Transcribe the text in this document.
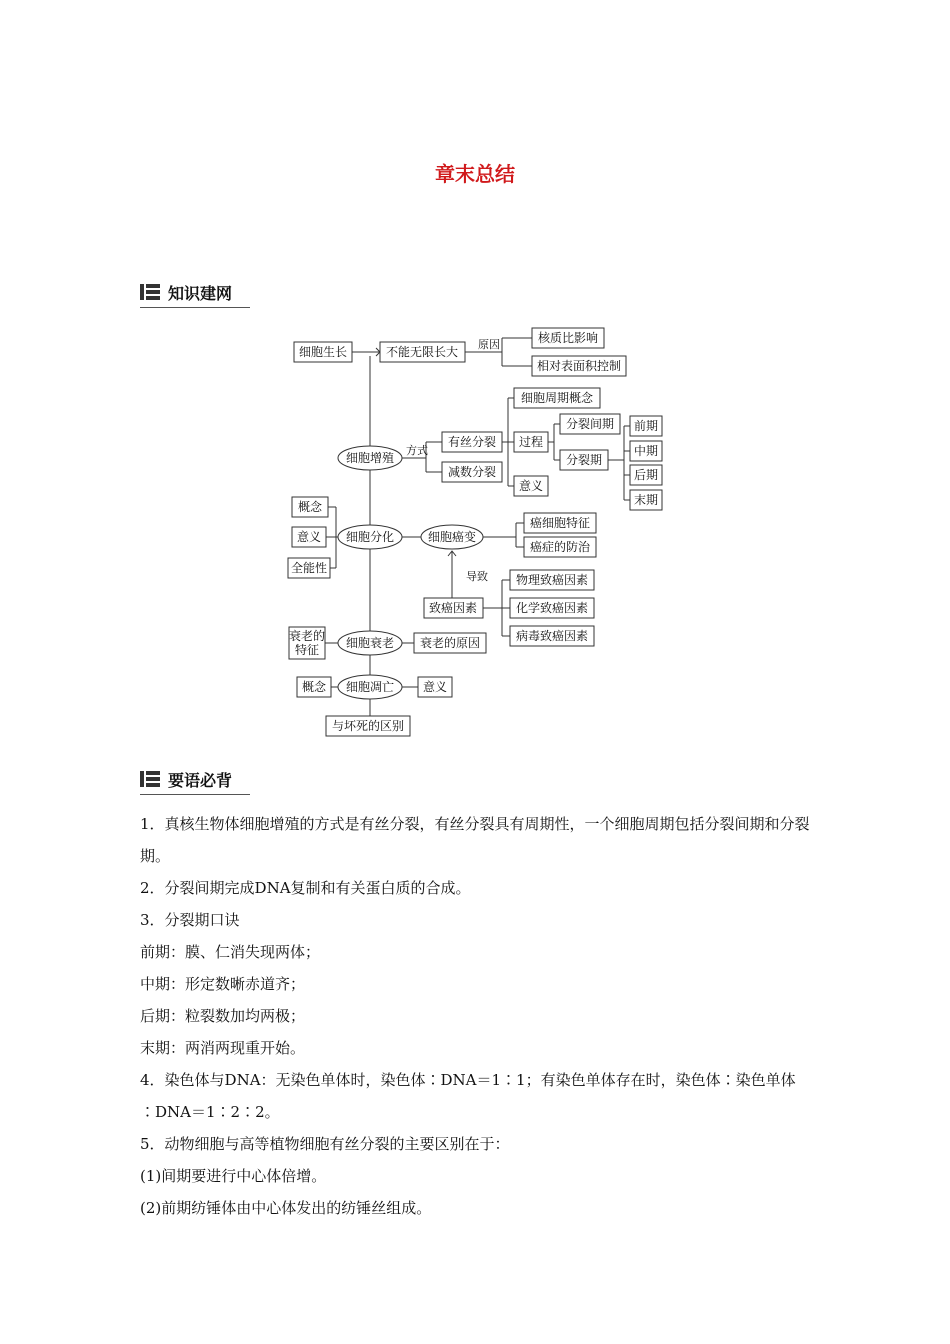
章末总结
知识建网
细胞生长	不能无限长大
原因	核质比影响
相对表面积控制
细胞增殖
方式
有丝分裂
减数分裂
细胞周期概念
过程
意义
分裂间期
分裂期
前期
中期
后期
末期
概念
意义
全能性
细胞分化	细胞癌变
癌细胞特征
癌症的防治
导致
致癌因素
物理致癌因素
化学致癌因素
病毒致癌因素
衰老的
特征 细胞衰老 衰老的原因
概念 细胞凋亡 意义
与坏死的区别
要语必背

1．真核生物体细胞增殖的方式是有丝分裂，有丝分裂具有周期性，一个细胞周期包括分裂间期和分裂期。

2．分裂间期完成DNA复制和有关蛋白质的合成。

3．分裂期口诀

前期：膜、仁消失现两体；

中期：形定数晰赤道齐；

后期：粒裂数加均两极；

末期：两消两现重开始。

4．染色体与DNA：无染色单体时，染色体∶DNA＝1∶1；有染色单体存在时，染色体∶染色单体∶DNA＝1∶2∶2。

5．动物细胞与高等植物细胞有丝分裂的主要区别在于：

(1)间期要进行中心体倍增。

(2)前期纺锤体由中心体发出的纺锤丝组成。
